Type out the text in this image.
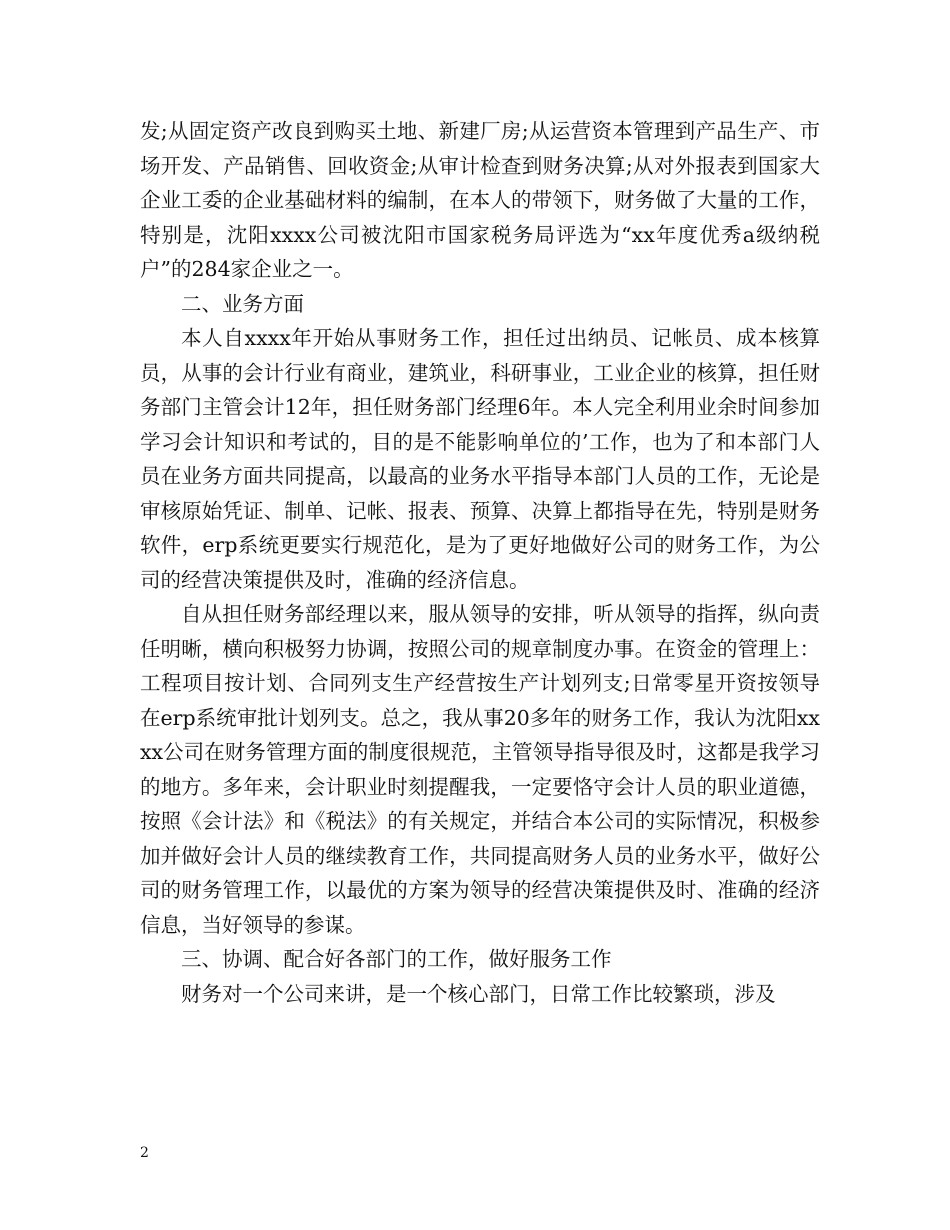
发;从固定资产改良到购买土地、新建厂房;从运营资本管理到产品生产、市场开发、产品销售、回收资金;从审计检查到财务决算;从对外报表到国家大企业工委的企业基础材料的编制，在本人的带领下，财务做了大量的工作，特别是，沈阳xxxx公司被沈阳市国家税务局评选为“xx年度优秀a级纳税户”的284家企业之一。

二、业务方面

本人自xxxx年开始从事财务工作，担任过出纳员、记帐员、成本核算员，从事的会计行业有商业，建筑业，科研事业，工业企业的核算，担任财务部门主管会计12年，担任财务部门经理6年。本人完全利用业余时间参加学习会计知识和考试的，目的是不能影响单位的’工作，也为了和本部门人员在业务方面共同提高，以最高的业务水平指导本部门人员的工作，无论是审核原始凭证、制单、记帐、报表、预算、决算上都指导在先，特别是财务软件，erp系统更要实行规范化，是为了更好地做好公司的财务工作，为公司的经营决策提供及时，准确的经济信息。

自从担任财务部经理以来，服从领导的安排，听从领导的指挥，纵向责任明晰，横向积极努力协调，按照公司的规章制度办事。在资金的管理上：工程项目按计划、合同列支生产经营按生产计划列支;日常零星开资按领导在erp系统审批计划列支。总之，我从事20多年的财务工作，我认为沈阳xxxx公司在财务管理方面的制度很规范，主管领导指导很及时，这都是我学习的地方。多年来，会计职业时刻提醒我，一定要恪守会计人员的职业道德，按照《会计法》和《税法》的有关规定，并结合本公司的实际情况，积极参加并做好会计人员的继续教育工作，共同提高财务人员的业务水平，做好公司的财务管理工作，以最优的方案为领导的经营决策提供及时、准确的经济信息，当好领导的参谋。

三、协调、配合好各部门的工作，做好服务工作

财务对一个公司来讲，是一个核心部门，日常工作比较繁琐，涉及

2
